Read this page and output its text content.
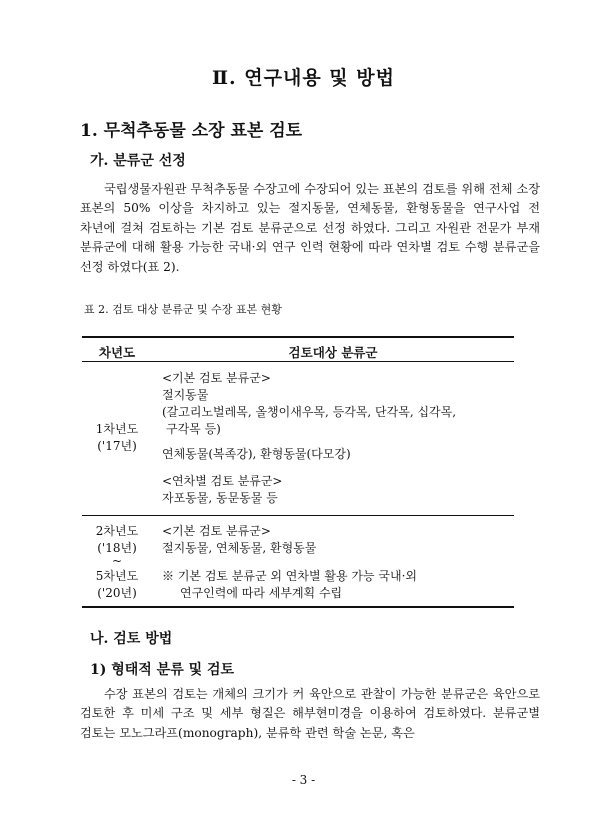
Ⅱ. 연구내용 및 방법
1. 무척추동물 소장 표본 검토
가. 분류군 선정
국립생물자원관 무척추동물 수장고에 수장되어 있는 표본의 검토를 위해 전체 소장 표본의 50% 이상을 차지하고 있는 절지동물, 연체동물, 환형동물을 연구사업 전 차년에 걸쳐 검토하는 기본 검토 분류군으로 선정 하였다. 그리고 자원관 전문가 부재 분류군에 대해 활용 가능한 국내·외 연구 인력 현황에 따라 연차별 검토 수행 분류군을 선정 하였다(표 2).
표 2. 검토 대상 분류군 및 수장 표본 현황
차년도	검토대상 분류군
1차년도
('17년)
<기본 검토 분류군>
절지동물
(갈고리노벌레목, 올챙이새우목, 등각목, 단각목, 십각목,
구각목 등)
연체동물(복족강), 환형동물(다모강)
<연차별 검토 분류군>
자포동물, 동문동물 등
2차년도
('18년)
~
5차년도
('20년)
<기본 검토 분류군>
절지동물, 연체동물, 환형동물
※ 기본 검토 분류군 외 연차별 활용 가능 국내·외
연구인력에 따라 세부계획 수립
나. 검토 방법
1) 형태적 분류 및 검토
수장 표본의 검토는 개체의 크기가 커 육안으로 관찰이 가능한 분류군은 육안으로 검토한 후 미세 구조 및 세부 형질은 해부현미경을 이용하여 검토하였다. 분류군별 검토는 모노그라프(monograph), 분류학 관련 학술 논문, 혹은
- 3 -
